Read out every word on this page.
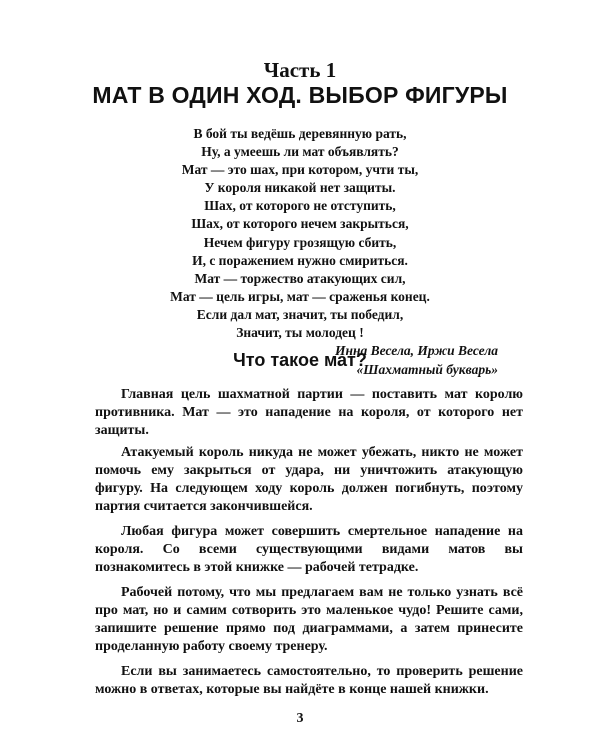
Часть 1
МАТ В ОДИН ХОД. ВЫБОР ФИГУРЫ
В бой ты ведёшь деревянную рать,
Ну, а умеешь ли мат объявлять?
Мат — это шах, при котором, учти ты,
У короля никакой нет защиты.
Шах, от которого не отступить,
Шах, от которого нечем закрыться,
Нечем фигуру грозящую сбить,
И, с поражением нужно смириться.
Мат — торжество атакующих сил,
Мат — цель игры, мат — сраженья конец.
Если дал мат, значит, ты победил,
Значит, ты молодец !
Инна Весела, Иржи Весела
«Шахматный букварь»
Что такое мат?

Главная цель шахматной партии — поставить мат королю противника. Мат — это нападение на короля, от которого нет защиты.

Атакуемый король никуда не может убежать, никто не может помочь ему закрыться от удара, ни уничтожить атакующую фигуру. На следующем ходу король должен погибнуть, поэтому партия считается закончившейся.

Любая фигура может совершить смертельное нападение на короля. Со всеми существующими видами матов вы познакомитесь в этой книжке — рабочей тетрадке.

Рабочей потому, что мы предлагаем вам не только узнать всё про мат, но и самим сотворить это маленькое чудо! Решите сами, запишите решение прямо под диаграммами, а затем принесите проделанную работу своему тренеру.

Если вы занимаетесь самостоятельно, то проверить решение можно в ответах, которые вы найдёте в конце нашей книжки.

3
